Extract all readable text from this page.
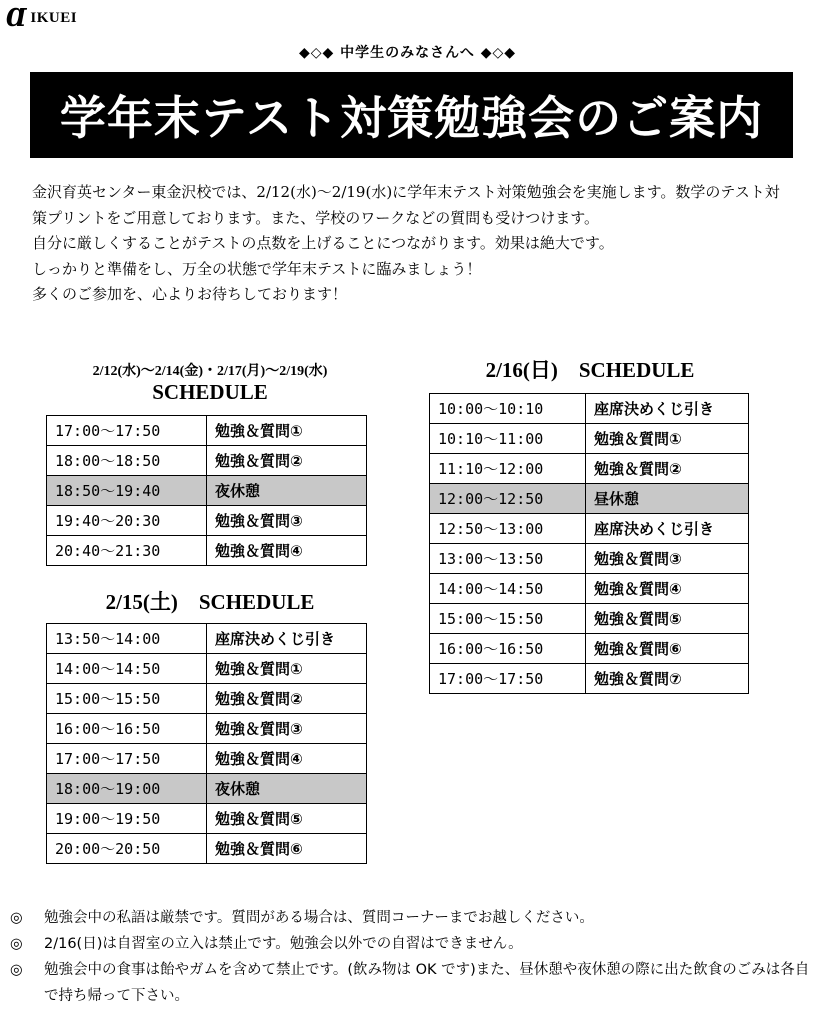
Ɑ IKUEI
◆◇◆ 中学生のみなさんへ ◆◇◆
学年末テスト対策勉強会のご案内

金沢育英センター東金沢校では、2/12(水)～2/19(水)に学年末テスト対策勉強会を実施します。数学のテスト対策プリントをご用意しております。また、学校のワークなどの質問も受けつけます。

自分に厳しくすることがテストの点数を上げることにつながります。効果は絶大です。

しっかりと準備をし、万全の状態で学年末テストに臨みましょう！

多くのご参加を、心よりお待ちしております！

2/12(水)～2/14(金)・2/17(月)～2/19(水)
SCHEDULE
17:00～17:50	勉強＆質問①
18:00～18:50	勉強＆質問②
18:50～19:40	夜休憩
19:40～20:30	勉強＆質問③
20:40～21:30	勉強＆質問④
2/15(土)　SCHEDULE
13:50～14:00	座席決めくじ引き
14:00～14:50	勉強＆質問①
15:00～15:50	勉強＆質問②
16:00～16:50	勉強＆質問③
17:00～17:50	勉強＆質問④
18:00～19:00	夜休憩
19:00～19:50	勉強＆質問⑤
20:00～20:50	勉強＆質問⑥
2/16(日)　SCHEDULE
10:00～10:10	座席決めくじ引き
10:10～11:00	勉強＆質問①
11:10～12:00	勉強＆質問②
12:00～12:50	昼休憩
12:50～13:00	座席決めくじ引き
13:00～13:50	勉強＆質問③
14:00～14:50	勉強＆質問④
15:00～15:50	勉強＆質問⑤
16:00～16:50	勉強＆質問⑥
17:00～17:50	勉強＆質問⑦
◎	勉強会中の私語は厳禁です。質問がある場合は、質問コーナーまでお越しください。
◎	2/16(日)は自習室の立入は禁止です。勉強会以外での自習はできません。
◎	勉強会中の食事は飴やガムを含めて禁止です。(飲み物は OK です)また、昼休憩や夜休憩の際に出た飲食のごみは各自で持ち帰って下さい。
